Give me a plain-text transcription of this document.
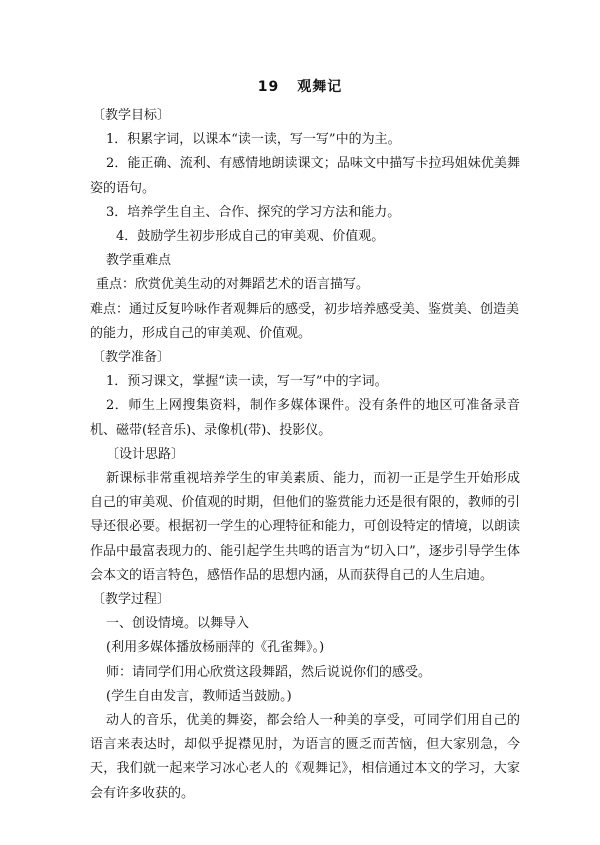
19 观舞记

〔教学目标〕

1．积累字词，以课本“读一读，写一写”中的为主。

2．能正确、流利、有感情地朗读课文；品味文中描写卡拉玛姐妹优美舞姿的语句。

3．培养学生自主、合作、探究的学习方法和能力。

4．鼓励学生初步形成自己的审美观、价值观。

教学重难点

重点：欣赏优美生动的对舞蹈艺术的语言描写。

难点：通过反复吟咏作者观舞后的感受，初步培养感受美、鉴赏美、创造美的能力，形成自己的审美观、价值观。

〔教学准备〕

1．预习课文，掌握“读一读，写一写”中的字词。

2．师生上网搜集资料，制作多媒体课件。没有条件的地区可准备录音机、磁带(轻音乐)、录像机(带)、投影仪。

〔设计思路〕

新课标非常重视培养学生的审美素质、能力，而初一正是学生开始形成自己的审美观、价值观的时期，但他们的鉴赏能力还是很有限的，教师的引导还很必要。根据初一学生的心理特征和能力，可创设特定的情境，以朗读作品中最富表现力的、能引起学生共鸣的语言为“切入口”，逐步引导学生体会本文的语言特色，感悟作品的思想内涵，从而获得自己的人生启迪。

〔教学过程〕

一、创设情境。以舞导入

(利用多媒体播放杨丽萍的《孔雀舞》。)

师：请同学们用心欣赏这段舞蹈，然后说说你们的感受。

(学生自由发言，教师适当鼓励。)

动人的音乐，优美的舞姿，都会给人一种美的享受，可同学们用自己的语言来表达时，却似乎捉襟见肘，为语言的匮乏而苦恼，但大家别急，今天，我们就一起来学习冰心老人的《观舞记》，相信通过本文的学习，大家会有许多收获的。
